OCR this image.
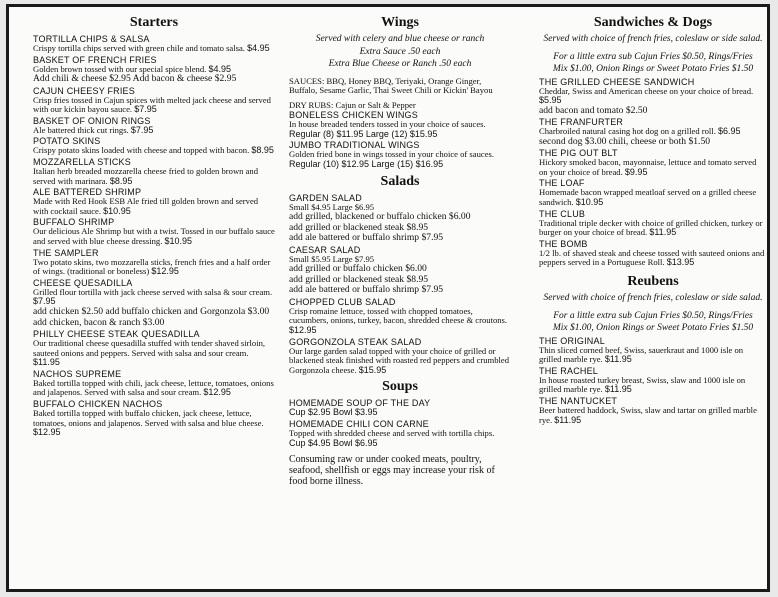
Starters
TORTILLA CHIPS & SALSA
Crispy tortilla chips served with green chile and tomato salsa. $4.95
BASKET OF FRENCH FRIES
Golden brown tossed with our special spice blend. $4.95
Add chili & cheese $2.95 Add bacon & cheese $2.95
CAJUN CHEESY FRIES
Crisp fries tossed in Cajun spices with melted jack cheese and served with our kickin bayou sauce. $7.95
BASKET OF ONION RINGS
Ale battered thick cut rings. $7.95
POTATO SKINS
Crispy potato skins loaded with cheese and topped with bacon. $8.95
MOZZARELLA STICKS
Italian herb breaded mozzarella cheese fried to golden brown and served with marinara. $8.95
ALE BATTERED SHRIMP
Made with Red Hook ESB Ale fried till golden brown and served with cocktail sauce. $10.95
BUFFALO SHRIMP
Our delicious Ale Shrimp but with a twist. Tossed in our buffalo sauce and served with blue cheese dressing. $10.95
THE SAMPLER
Two potato skins, two mozzarella sticks, french fries and a half order of wings. (traditional or boneless) $12.95
CHEESE QUESADILLA
Grilled flour tortilla with jack cheese served with salsa & sour cream. $7.95
add chicken $2.50 add buffalo chicken and Gorgonzola $3.00 add chicken, bacon & ranch $3.00
PHILLY CHEESE STEAK QUESADILLA
Our traditional cheese quesadilla stuffed with tender shaved sirloin, sauteed onions and peppers. Served with salsa and sour cream. $11.95
NACHOS SUPREME
Baked tortilla topped with chili, jack cheese, lettuce, tomatoes, onions and jalapenos. Served with salsa and sour cream. $12.95
BUFFALO CHICKEN NACHOS
Baked tortilla topped with buffalo chicken, jack cheese, lettuce, tomatoes, onions and jalapenos. Served with salsa and blue cheese. $12.95
Wings
Served with celery and blue cheese or ranch
Extra Sauce .50 each
Extra Blue Cheese or Ranch .50 each
SAUCES: BBQ, Honey BBQ, Teriyaki, Orange Ginger, Buffalo, Sesame Garlic, Thai Sweet Chili or Kickin' Bayou
DRY RUBS: Cajun or Salt & Pepper
BONELESS CHICKEN WINGS
In house breaded tenders tossed in your choice of sauces. Regular (8) $11.95 Large (12) $15.95
JUMBO TRADITIONAL WINGS
Golden fried bone in wings tossed in your choice of sauces. Regular (10) $12.95 Large (15) $16.95
Salads
GARDEN SALAD
Small $4.95 Large $6.95
add grilled, blackened or buffalo chicken $6.00
add grilled or blackened steak $8.95
add ale battered or buffalo shrimp $7.95
CAESAR SALAD
Small $5.95 Large $7.95
add grilled or buffalo chicken $6.00
add grilled or blackened steak $8.95
add ale battered or buffalo shrimp $7.95
CHOPPED CLUB SALAD
Crisp romaine lettuce, tossed with chopped tomatoes, cucumbers, onions, turkey, bacon, shredded cheese & croutons. $12.95
GORGONZOLA STEAK SALAD
Our large garden salad topped with your choice of grilled or blackened steak finished with roasted red peppers and crumbled Gorgonzola cheese. $15.95
Soups
HOMEMADE SOUP OF THE DAY
Cup $2.95 Bowl $3.95
HOMEMADE CHILI CON CARNE
Topped with shredded cheese and served with tortilla chips. Cup $4.95 Bowl $6.95
Consuming raw or under cooked meats, poultry, seafood, shellfish or eggs may increase your risk of food borne illness.
Sandwiches & Dogs
Served with choice of french fries, coleslaw or side salad.
For a little extra sub Cajun Fries $0.50, Rings/Fries
Mix $1.00, Onion Rings or Sweet Potato Fries $1.50
THE GRILLED CHEESE SANDWICH
Cheddar, Swiss and American cheese on your choice of bread. $5.95
add bacon and tomato $2.50
THE FRANFURTER
Charbroiled natural casing hot dog on a grilled roll. $6.95
second dog $3.00 chili, cheese or both $1.50
THE PIG OUT BLT
Hickory smoked bacon, mayonnaise, lettuce and tomato served on your choice of bread. $9.95
THE LOAF
Homemade bacon wrapped meatloaf served on a grilled cheese sandwich. $10.95
THE CLUB
Traditional triple decker with choice of grilled chicken, turkey or burger on your choice of bread. $11.95
THE BOMB
1/2 lb. of shaved steak and cheese tossed with sauteed onions and peppers served in a Portuguese Roll. $13.95
Reubens
Served with choice of french fries, coleslaw or side salad.
For a little extra sub Cajun Fries $0.50, Rings/Fries
Mix $1.00, Onion Rings or Sweet Potato Fries $1.50
THE ORIGINAL
Thin sliced corned beef, Swiss, sauerkraut and 1000 isle on grilled marble rye. $11.95
THE RACHEL
In house roasted turkey breast, Swiss, slaw and 1000 isle on grilled marble rye. $11.95
THE NANTUCKET
Beer battered haddock, Swiss, slaw and tartar on grilled marble rye. $11.95
